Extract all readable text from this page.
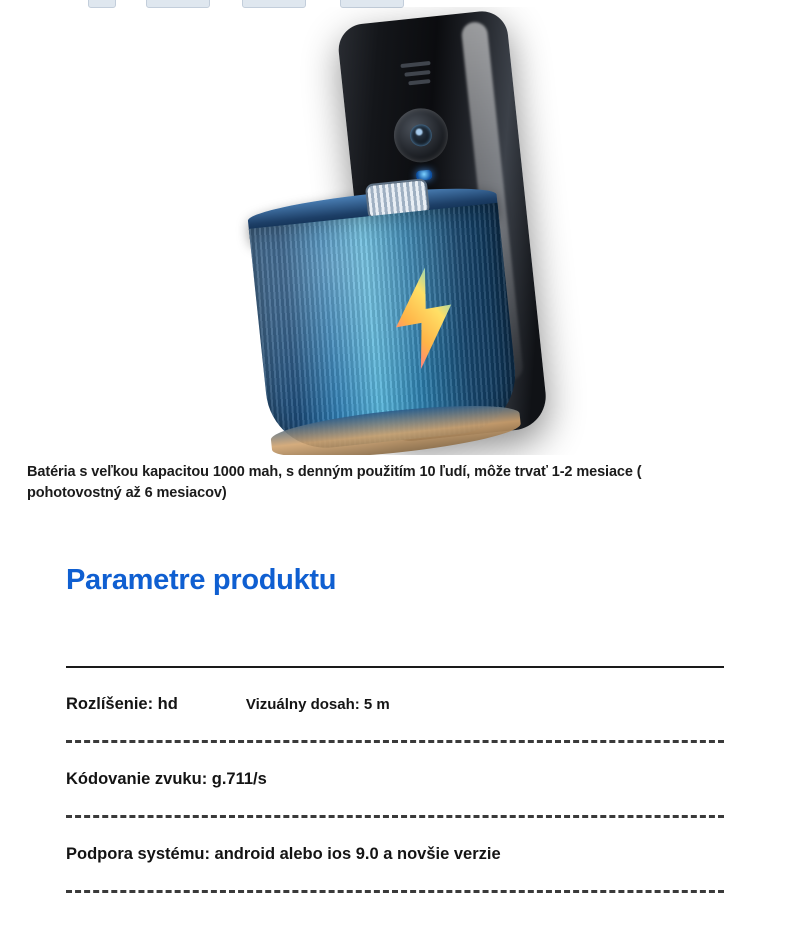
Batéria s veľkou kapacitou 1000 mah, s denným použitím 10 ľudí, môže trvať 1-2 mesiace ( pohotovostný až 6 mesiacov)
Parametre produktu
Rozlíšenie: hd	Vizuálny dosah: 5 m
Kódovanie zvuku: g.711/s
Podpora systému: android alebo ios 9.0 a novšie verzie
